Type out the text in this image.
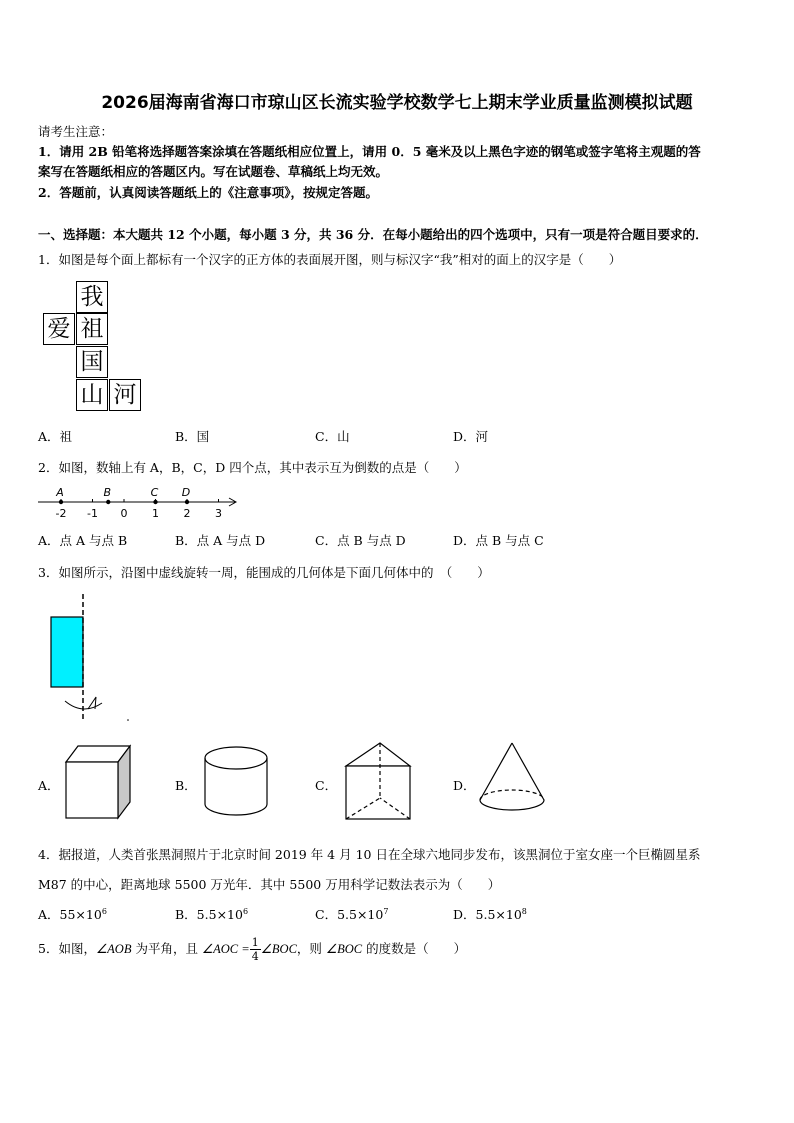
2026届海南省海口市琼山区长流实验学校数学七上期末学业质量监测模拟试题
请考生注意：
1．请用 2B 铅笔将选择题答案涂填在答题纸相应位置上，请用 0．5 毫米及以上黑色字迹的钢笔或签字笔将主观题的答
案写在答题纸相应的答题区内。写在试题卷、草稿纸上均无效。
2．答题前，认真阅读答题纸上的《注意事项》，按规定答题。
一、选择题：本大题共 12 个小题，每小题 3 分，共 36 分．在每小题给出的四个选项中，只有一项是符合题目要求的．
1．如图是每个面上都标有一个汉字的正方体的表面展开图，则与标汉字“我”相对的面上的汉字是（　　）
我
爱 祖
国
山 河
A．祖	B．国	C．山	D．河
2．如图，数轴上有 A，B，C，D 四个点，其中表示互为倒数的点是（　　）
-2 -1 0 1 2 3
A	B	C D
A．点 A 与点 B	B．点 A 与点 D	C．点 B 与点 D	D．点 B 与点 C
3．如图所示，沿图中虚线旋转一周，能围成的几何体是下面几何体中的　（　　）
A．	B．	C．	D．
4．据报道，人类首张黑洞照片于北京时间 2019 年 4 月 10 日在全球六地同步发布，该黑洞位于室女座一个巨椭圆星系
M87 的中心，距离地球 5500 万光年．其中 5500 万用科学记数法表示为（　　）
A．$55\times 10^6$	B．$5.5\times 10^6$	C．$5.5\times 10^7$	D．$5.5\times 10^8$
5．如图，∠AOB 为平角，且 ∠AOC = $\frac{1}{4}$ ∠BOC，则 ∠BOC 的度数是（　　）
